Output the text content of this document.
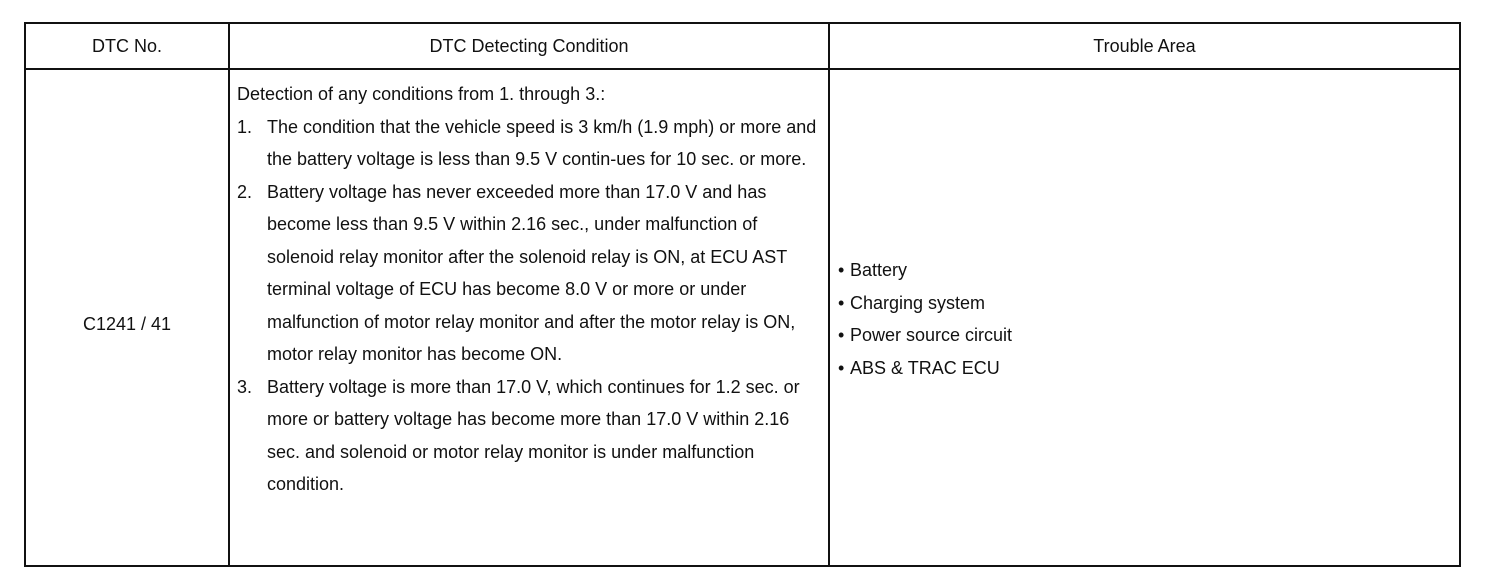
DTC No.	DTC Detecting Condition	Trouble Area
C1241 / 41

Detection of any conditions from 1. through 3.:

1. The condition that the vehicle speed is 3 km/h (1.9 mph) or more and the battery voltage is less than 9.5 V contin-ues for 10 sec. or more.
2. Battery voltage has never exceeded more than 17.0 V and has become less than 9.5 V within 2.16 sec., under malfunction of solenoid relay monitor after the solenoid relay is ON, at ECU AST terminal voltage of ECU has become 8.0 V or more or under malfunction of motor relay monitor and after the motor relay is ON, motor relay monitor has become ON.
3. Battery voltage is more than 17.0 V, which continues for 1.2 sec. or more or battery voltage has become more than 17.0 V within 2.16 sec. and solenoid or motor relay monitor is under malfunction condition.
• Battery
• Charging system
• Power source circuit
• ABS & TRAC ECU
